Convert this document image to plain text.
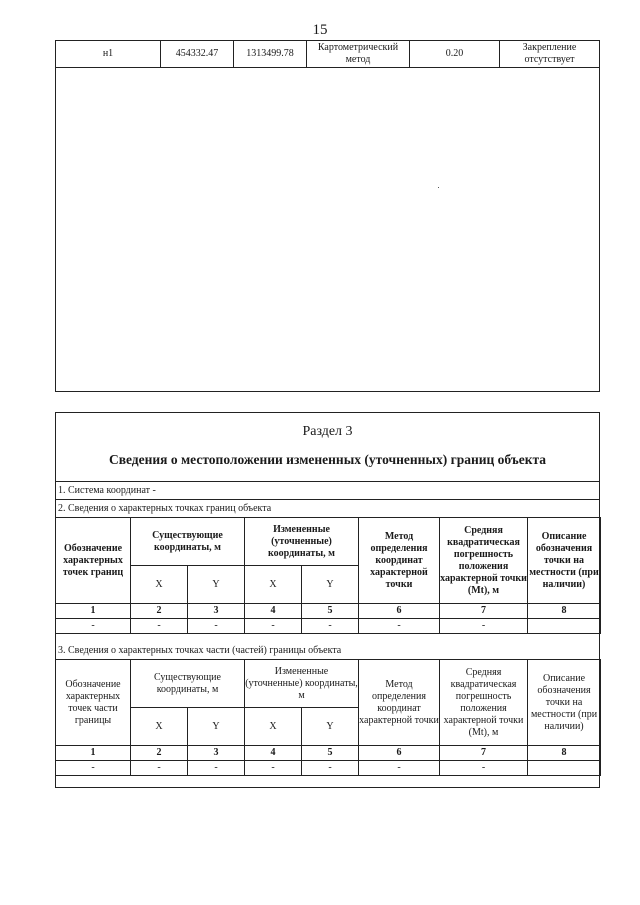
15
н1	454332.47	1313499.78	Картометрический метод	0.20	Закрепление отсутствует
Раздел 3
Сведения о местоположении измененных (уточненных) границ объекта
1. Система координат -
2. Сведения о характерных точках границ объекта
Обозначение характерных точек границ	Существующие координаты, м		Измененные (уточненные) координаты, м		Метод определения координат характерной точки	Средняя квадратическая погрешность положения характерной точки (Mt), м	Описание обозначения точки на местности (при наличии)
	X	Y	X	Y			
1	2	3	4	5	6	7	8
-	-	-	-	-	-	-	
3. Сведения о характерных точках части (частей) границы объекта
Обозначение характерных точек части границы	Существующие координаты, м		Измененные (уточненные) координаты, м		Метод определения координат характерной точки	Средняя квадратическая погрешность положения характерной точки (Mt), м	Описание обозначения точки на местности (при наличии)
	X	Y	X	Y			
1	2	3	4	5	6	7	8
-	-	-	-	-	-	-	
